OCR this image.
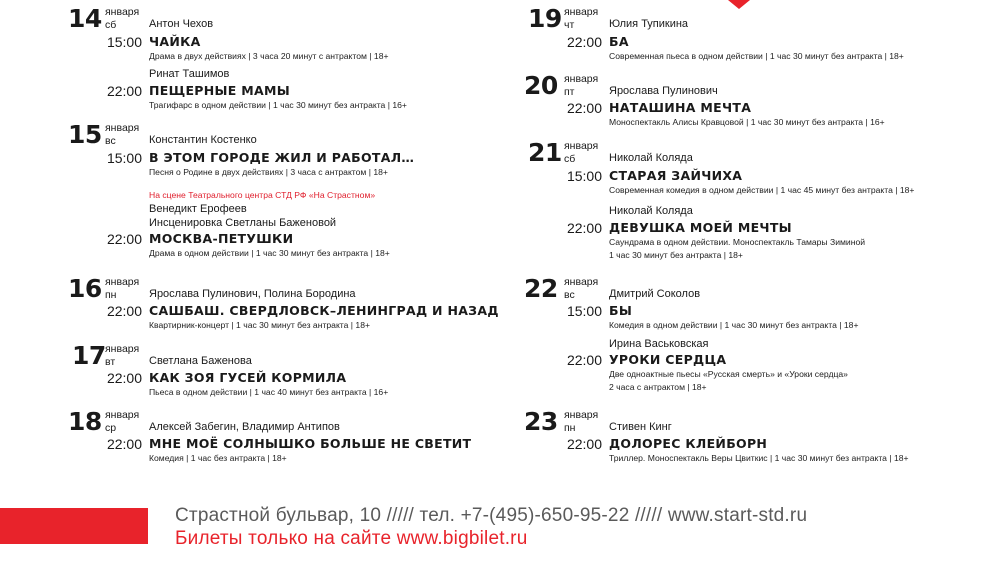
14 января
сб	Антон Чехов
15:00 ЧАЙКА
Драма в двух действиях | 3 часа 20 минут с антрактом | 18+
Ринат Ташимов
22:00 ПЕЩЕРНЫЕ МАМЫ
Трагифарс в одном действии | 1 час 30 минут без антракта | 16+
15 января
вс	Константин Костенко
15:00 В ЭТОМ ГОРОДЕ ЖИЛ И РАБОТАЛ…
Песня о Родине в двух действиях | 3 часа с антрактом | 18+
На сцене Театрального центра СТД РФ «На Страстном»
Венедикт Ерофеев
Инсценировка Светланы Бажeновой
22:00 МОСКВА-ПЕТУШКИ
Драма в одном действии | 1 час 30 минут без антракта | 18+
16 января
пн	Ярослава Пулинович, Полина Бородина
22:00 САШБАШ. СВЕРДЛОВСК–ЛЕНИНГРАД И НАЗАД
Квартирник-концерт | 1 час 30 минут без антракта | 18+
17 января
вт	Светлана Баженова
22:00 КАК ЗОЯ ГУСЕЙ КОРМИЛА
Пьеса в одном действии | 1 час 40 минут без антракта | 16+
18 января
ср	Алексей Забегин, Владимир Антипов
22:00 МНЕ МОЁ СОЛНЫШКО БОЛЬШЕ НЕ СВЕТИТ
Комедия | 1 час без антракта | 18+
19 января
чт	Юлия Тупикина
22:00 БА
Современная пьеса в одном действии | 1 час 30 минут без антракта | 18+
20 января
пт	Ярослава Пулинович
22:00 НАТАШИНА МЕЧТА
Моноспектакль Алисы Кравцовой | 1 час 30 минут без антракта | 16+
21 января
сб	Николай Коляда
15:00 СТАРАЯ ЗАЙЧИХА
Современная комедия в одном действии | 1 час 45 минут без антракта | 18+
Николай Коляда
22:00 ДЕВУШКА МОЕЙ МЕЧТЫ
Саундрама в одном действии. Моноспектакль Тамары Зиминой
1 час 30 минут без антракта | 18+
22 января
вс	Дмитрий Соколов
15:00 БЫ
Комедия в одном действии | 1 час 30 минут без антракта | 18+
Ирина Васьковская
22:00 УРОКИ СЕРДЦА
Две одноактные пьесы «Русская смерть» и «Уроки сердца»
2 часа с антрактом | 18+
23 января
пн	Стивен Кинг
22:00 ДОЛОРЕС КЛЕЙБОРН
Триллер. Моноспектакль Веры Цвиткис | 1 час 30 минут без антракта | 18+
Страстной бульвар, 10 ///// тел. +7-(495)-650-95-22 ///// www.start-std.ru
Билеты только на сайте www.bigbilet.ru
